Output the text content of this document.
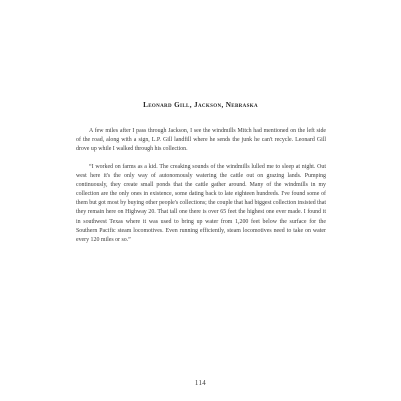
Leonard Gill, Jackson, Nebraska

A few miles after I pass through Jackson, I see the windmills Mitch had mentioned on the left side of the road, along with a sign, L.P. Gill landfill where he sends the junk he can't recycle. Leonard Gill drove up while I walked through his collection.

“I worked on farms as a kid. The creaking sounds of the windmills lulled me to sleep at night. Out west here it's the only way of autonomously watering the cattle out on grazing lands. Pumping continuously, they create small ponds that the cattle gather around. Many of the windmills in my collection are the only ones in existence, some dating back to late eighteen hundreds. I've found some of them but got most by buying other people's collections; the couple that had biggest collection insisted that they remain here on Highway 20. That tall one there is over 65 feet the highest one ever made. I found it in southwest Texas where it was used to bring up water from 1,200 feet below the surface for the Southern Pacific steam locomotives. Even running efficiently, steam locomotives need to take on water every 120 miles or so.”

114
